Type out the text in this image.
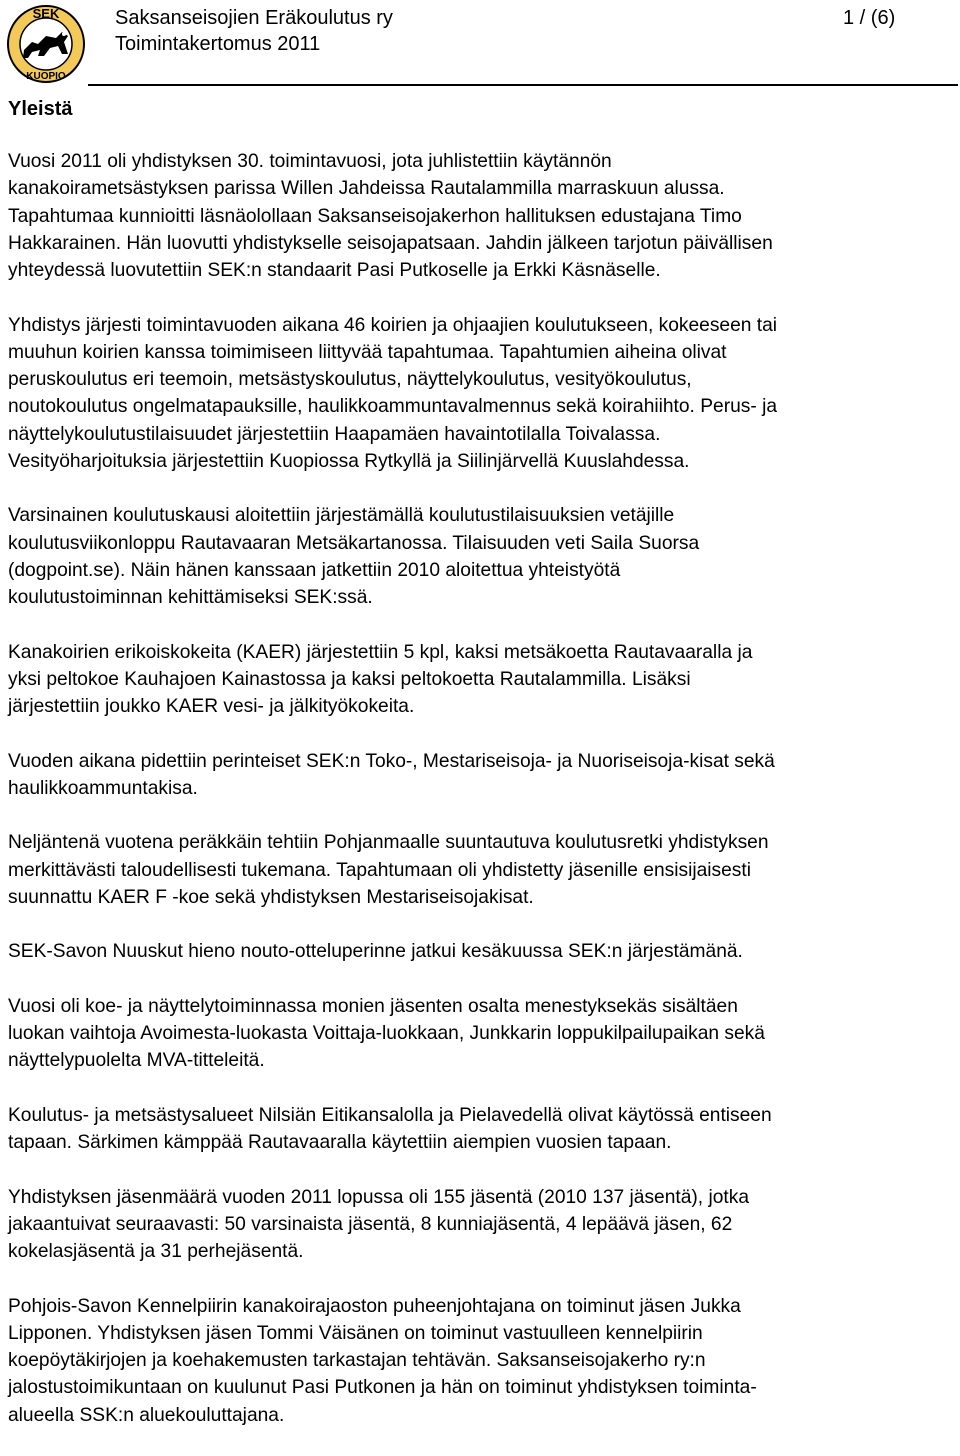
SEK
KUOPIO
Saksanseisojien Eräkoulutus ry
Toimintakertomus 2011
1 / (6)
Yleistä

Vuosi 2011 oli yhdistyksen 30. toimintavuosi, jota juhlistettiin käytännön
kanakoirametsästyksen parissa Willen Jahdeissa Rautalammilla marraskuun alussa.
Tapahtumaa kunnioitti läsnäolollaan Saksanseisojakerhon hallituksen edustajana Timo
Hakkarainen. Hän luovutti yhdistykselle seisojapatsaan. Jahdin jälkeen tarjotun päivällisen
yhteydessä luovutettiin SEK:n standaarit Pasi Putkoselle ja Erkki Käsnäselle.

Yhdistys järjesti toimintavuoden aikana 46 koirien ja ohjaajien koulutukseen, kokeeseen tai
muuhun koirien kanssa toimimiseen liittyvää tapahtumaa. Tapahtumien aiheina olivat
peruskoulutus eri teemoin, metsästyskoulutus, näyttelykoulutus, vesityökoulutus,
noutokoulutus ongelmatapauksille, haulikkoammuntavalmennus sekä koirahiihto. Perus- ja
näyttelykoulutustilaisuudet järjestettiin Haapamäen havaintotilalla Toivalassa.
Vesityöharjoituksia järjestettiin Kuopiossa Rytkyllä ja Siilinjärvellä Kuuslahdessa.

Varsinainen koulutuskausi aloitettiin järjestämällä koulutustilaisuuksien vetäjille
koulutusviikonloppu Rautavaaran Metsäkartanossa. Tilaisuuden veti Saila Suorsa
(dogpoint.se). Näin hänen kanssaan jatkettiin 2010 aloitettua yhteistyötä
koulutustoiminnan kehittämiseksi SEK:ssä.

Kanakoirien erikoiskokeita (KAER) järjestettiin 5 kpl, kaksi metsäkoetta Rautavaaralla ja
yksi peltokoe Kauhajoen Kainastossa ja kaksi peltokoetta Rautalammilla. Lisäksi
järjestettiin joukko KAER vesi- ja jälkityökokeita.

Vuoden aikana pidettiin perinteiset SEK:n Toko-, Mestariseisoja- ja Nuoriseisoja-kisat sekä
haulikkoammuntakisa.

Neljäntenä vuotena peräkkäin tehtiin Pohjanmaalle suuntautuva koulutusretki yhdistyksen
merkittävästi taloudellisesti tukemana. Tapahtumaan oli yhdistetty jäsenille ensisijaisesti
suunnattu KAER F -koe sekä yhdistyksen Mestariseisojakisat.

SEK-Savon Nuuskut hieno nouto-otteluperinne jatkui kesäkuussa SEK:n järjestämänä.

Vuosi oli koe- ja näyttelytoiminnassa monien jäsenten osalta menestyksekäs sisältäen
luokan vaihtoja Avoimesta-luokasta Voittaja-luokkaan, Junkkarin loppukilpailupaikan sekä
näyttelypuolelta MVA-titteleitä.

Koulutus- ja metsästysalueet Nilsiän Eitikansalolla ja Pielavedellä olivat käytössä entiseen
tapaan. Särkimen kämppää Rautavaaralla käytettiin aiempien vuosien tapaan.

Yhdistyksen jäsenmäärä vuoden 2011 lopussa oli 155 jäsentä (2010 137 jäsentä), jotka
jakaantuivat seuraavasti: 50 varsinaista jäsentä, 8 kunniajäsentä, 4 lepäävä jäsen, 62
kokelasjäsentä ja 31 perhejäsentä.

Pohjois-Savon Kennelpiirin kanakoirajaoston puheenjohtajana on toiminut jäsen Jukka
Lipponen. Yhdistyksen jäsen Tommi Väisänen on toiminut vastuulleen kennelpiirin
koepöytäkirjojen ja koehakemusten tarkastajan tehtävän. Saksanseisojakerho ry:n
jalostustoimikuntaan on kuulunut Pasi Putkonen ja hän on toiminut yhdistyksen toiminta-
alueella SSK:n aluekouluttajana.
